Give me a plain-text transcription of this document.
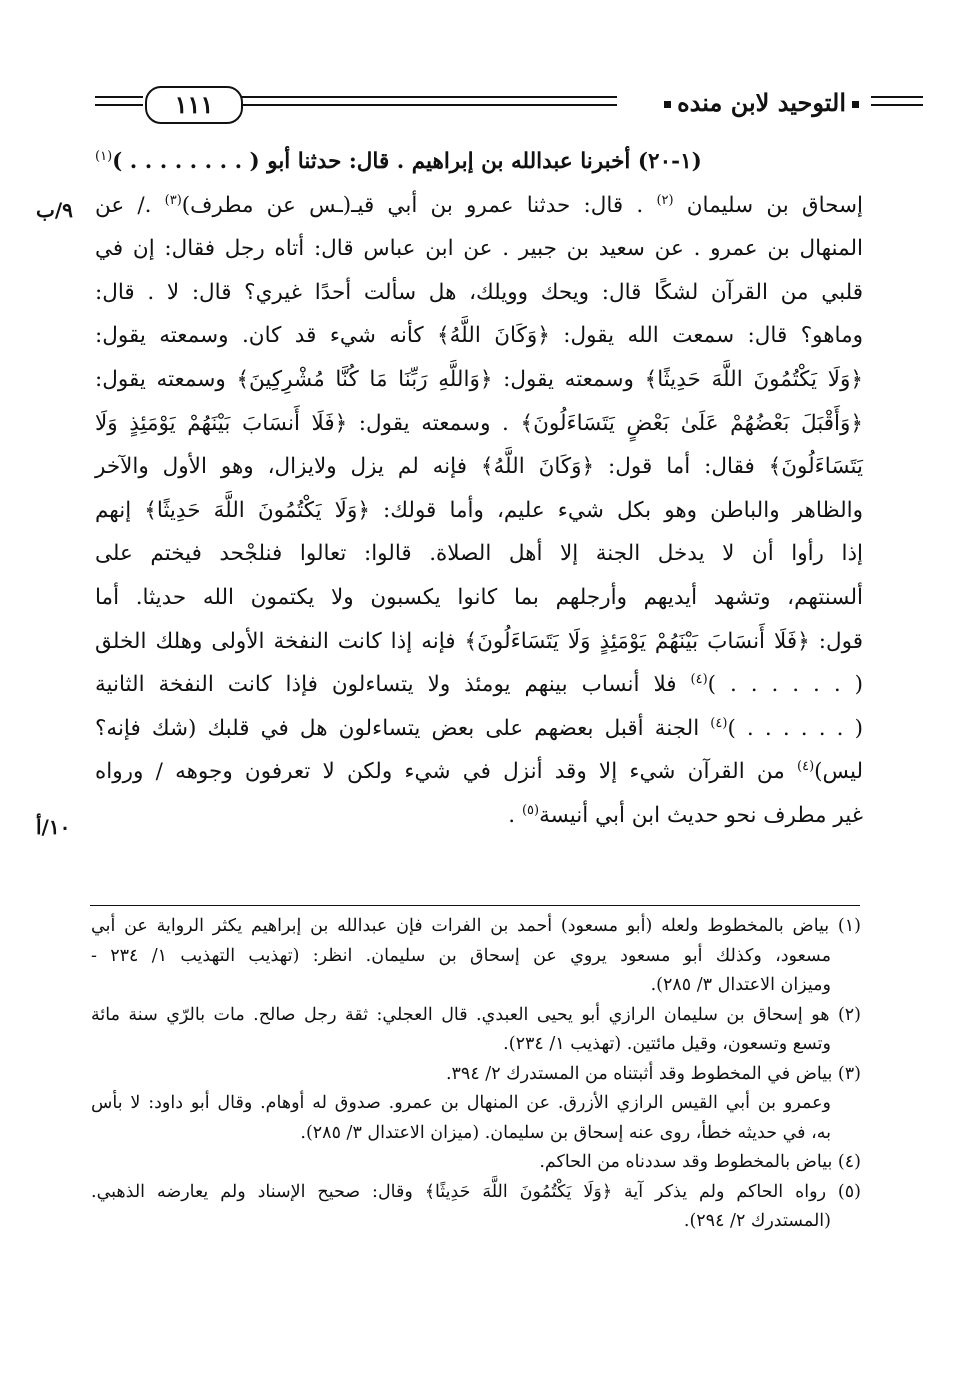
١١١	التوحيد لابن منده
٩/ب
١٠/أ
(١-٢٠) أخبرنا عبدالله بن إبراهيم . قال: حدثنا أبو ( . . . . . . . . )$^{(١)}$
إسحاق بن سليمان $^{(٢)}$ . قال: حدثنا عمرو بن أبي قيـ(ـس عن مطرف)$^{(٣)}$ ./ عن
المنهال بن عمرو . عن سعيد بن جبير . عن ابن عباس قال: أتاه رجل فقال: إن في
قلبي من القرآن لشكًا قال: ويحك وويلك، هل سألت أحدًا غيري؟ قال: لا . قال:
وماهو؟ قال: سمعت الله يقول: ﴿وَكَانَ اللَّهُ﴾ كأنه شيء قد كان. وسمعته يقول:
﴿وَلَا يَكْتُمُونَ اللَّهَ حَدِيثًا﴾ وسمعته يقول: ﴿وَاللَّهِ رَبِّنَا مَا كُنَّا مُشْرِكِينَ﴾ وسمعته يقول:
﴿وَأَقْبَلَ بَعْضُهُمْ عَلَىٰ بَعْضٍ يَتَسَاءَلُونَ﴾ . وسمعته يقول: ﴿فَلَا أَنسَابَ بَيْنَهُمْ يَوْمَئِذٍ وَلَا
يَتَسَاءَلُونَ﴾ فقال: أما قول: ﴿وَكَانَ اللَّهُ﴾ فإنه لم يزل ولايزال، وهو الأول والآخر
والظاهر والباطن وهو بكل شيء عليم، وأما قولك: ﴿وَلَا يَكْتُمُونَ اللَّهَ حَدِيثًا﴾ إنهم
إذا رأوا أن لا يدخل الجنة إلا أهل الصلاة. قالوا: تعالوا فنلجْحد فيختم على
ألسنتهم، وتشهد أيديهم وأرجلهم بما كانوا يكسبون ولا يكتمون الله حديثا. أما
قول: ﴿فَلَا أَنسَابَ بَيْنَهُمْ يَوْمَئِذٍ وَلَا يَتَسَاءَلُونَ﴾ فإنه إذا كانت النفخة الأولى وهلك الخلق
( . . . . . . )$^{(٤)}$ فلا أنساب بينهم يومئذ ولا يتساءلون فإذا كانت النفخة الثانية
( . . . . . . )$^{(٤)}$ الجنة أقبل بعضهم على بعض يتساءلون هل في قلبك (شك فإنه؟
ليس)$^{(٤)}$ من القرآن شيء إلا وقد أنزل في شيء ولكن لا تعرفون وجوهه / ورواه
غير مطرف نحو حديث ابن أبي أنيسة$^{(٥)}$ .
(١) بياض بالمخطوط ولعله (أبو مسعود) أحمد بن الفرات فإن عبدالله بن إبراهيم يكثر الرواية عن أبي
مسعود، وكذلك أبو مسعود يروي عن إسحاق بن سليمان. انظر: (تهذيب التهذيب ١/ ٢٣٤ -
وميزان الاعتدال ٣/ ٢٨٥).
(٢) هو إسحاق بن سليمان الرازي أبو يحيى العبدي. قال العجلي: ثقة رجل صالح. مات بالرّي سنة مائة
وتسع وتسعون، وقيل مائتين. (تهذيب ١/ ٢٣٤).
(٣) بياض في المخطوط وقد أثبتناه من المستدرك ٢/ ٣٩٤.
وعمرو بن أبي القيس الرازي الأزرق. عن المنهال بن عمرو. صدوق له أوهام. وقال أبو داود: لا بأس
به، في حديثه خطأ، روى عنه إسحاق بن سليمان. (ميزان الاعتدال ٣/ ٢٨٥).
(٤) بياض بالمخطوط وقد سددناه من الحاكم.
(٥) رواه الحاكم ولم يذكر آية ﴿وَلَا يَكْتُمُونَ اللَّهَ حَدِيثًا﴾ وقال: صحيح الإسناد ولم يعارضه الذهبي.
(المستدرك ٢/ ٢٩٤).
